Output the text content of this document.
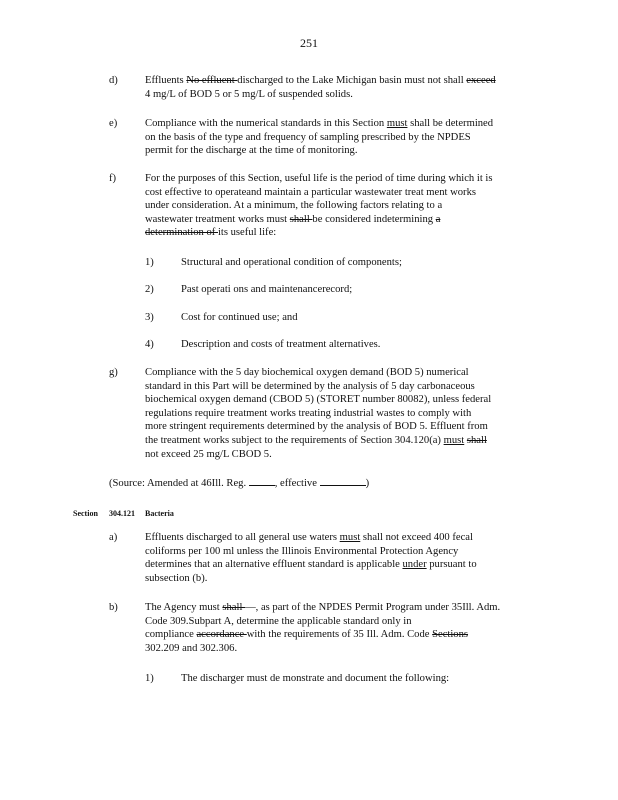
251
d)	Effluents No effluent discharged to the Lake Michigan basin must not shall exceed
4 mg/L of BOD 5 or 5 mg/L of suspended solids.
e)	Compliance with the numerical standards in this Section must shall be determined
on the basis of the type and frequency of sampling prescribed by the NPDES
permit for the discharge at the time of monitoring.
f)	For the purposes of this Section, useful life is the period of time during which it is
cost effective to operateand maintain a particular wastewater treat ment works
under consideration. At a minimum, the following factors relating to a
wastewater treatment works must shall be considered indetermining a
determination of its useful life:
1)	Structural and operational condition of components;
2)	Past operati ons and maintenancerecord;
3)	Cost for continued use; and
4)	Description and costs of treatment alternatives.
g)	Compliance with the 5 day biochemical oxygen demand (BOD 5) numerical
standard in this Part will be determined by the analysis of 5 day carbonaceous
biochemical oxygen demand (CBOD 5) (STORET number 80082), unless federal
regulations require treatment works treating industrial wastes to comply with
more stringent requirements determined by the analysis of BOD 5. Effluent from
the treatment works subject to the requirements of Section 304.120(a) must shall
not exceed 25 mg/L CBOD 5.
(Source: Amended at 46Ill. Reg. , effective	)
Section 304.121 Bacteria
a)	Effluents discharged to all general use waters must shall not exceed 400 fecal
coliforms per 100 ml unless the Illinois Environmental Protection Agency
determines that an alternative effluent standard is applicable under pursuant to
subsection (b).
b)	The Agency must shall —, as part of the NPDES Permit Program under 35Ill. Adm.
Code 309.Subpart A, determine the applicable standard only in
compliance accordance with the requirements of 35 Ill. Adm. Code Sections
302.209 and 302.306.
1)	The discharger must de monstrate and document the following:
